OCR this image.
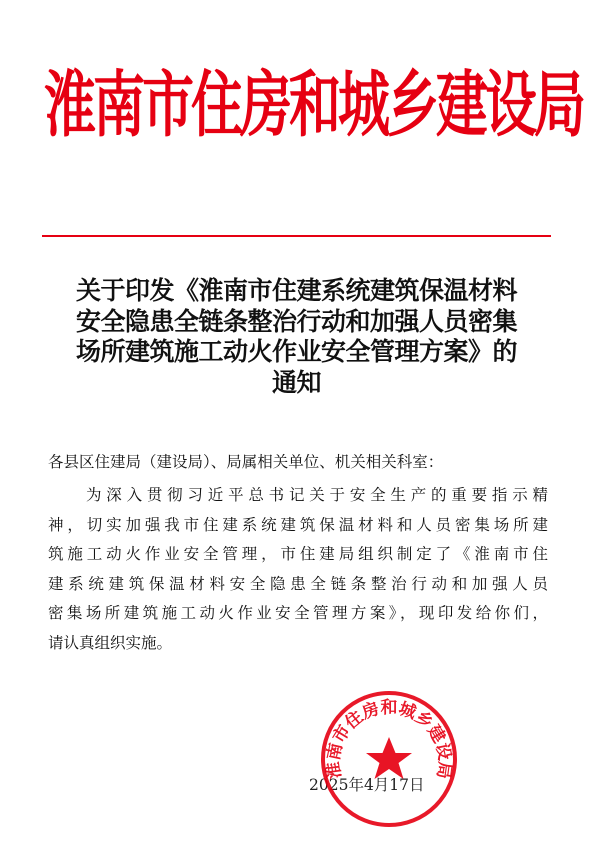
淮南市住房和城乡建设局
关于印发《淮南市住建系统建筑保温材料
安全隐患全链条整治行动和加强人员密集
场所建筑施工动火作业安全管理方案》的
通知
各县区住建局（建设局）、局属相关单位、机关相关科室：
为深入贯彻习近平总书记关于安全生产的重要指示精
神，切实加强我市住建系统建筑保温材料和人员密集场所建
筑施工动火作业安全管理，市住建局组织制定了《淮南市住
建系统建筑保温材料安全隐患全链条整治行动和加强人员
密集场所建筑施工动火作业安全管理方案》，现印发给你们，
请认真组织实施。
2025年4月17日
淮南市住房和城乡建设局
